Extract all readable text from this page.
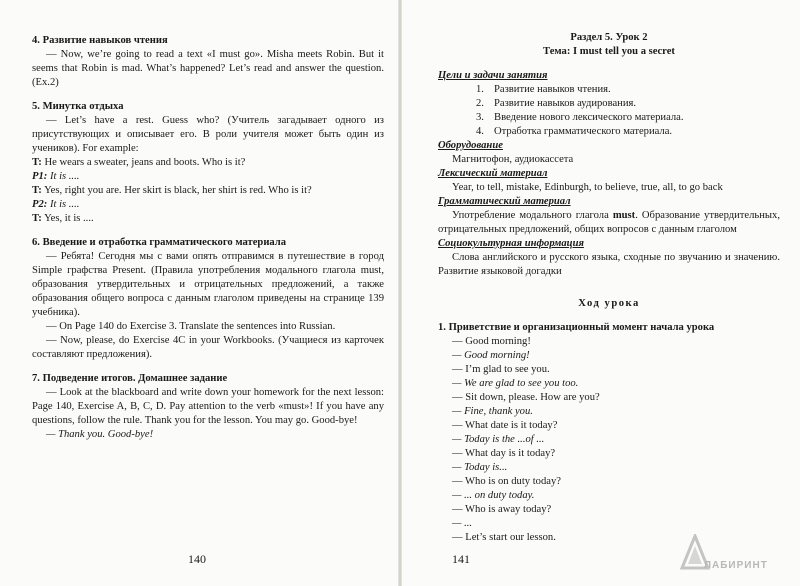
4. Развитие навыков чтения

— Now, we’re going to read a text «I must go». Misha meets Robin. But it seems that Robin is mad. What’s happened? Let’s read and answer the question. (Ex.2)

5. Минутка отдыха

— Let’s have a rest. Guess who? (Учитель загадывает одного из присутствующих и описывает его. В роли учителя может быть один из учеников). For example:

T: He wears a sweater, jeans and boots. Who is it?

P1: It is ....

T: Yes, right you are. Her skirt is black, her shirt is red. Who is it?

P2: It is ....

T: Yes, it is ....

6. Введение и отработка грамматического материала

— Ребята! Сегодня мы с вами опять отправимся в путешествие в город Simple графства Present. (Правила употребления модального глагола must, образования утвердительных и отрицательных предложений, а также образования общего вопроса с данным глаголом приведены на странице 139 учебника).

— On Page 140 do Exercise 3. Translate the sentences into Russian.

— Now, please, do Exercise 4C in your Workbooks. (Учащиеся из карточек составляют предложения).

7. Подведение итогов. Домашнее задание

— Look at the blackboard and write down your homework for the next lesson: Page 140, Exercise A, B, C, D. Pay attention to the verb «must»! If you have any questions, follow the rule. Thank you for the lesson. You may go. Good-bye!

— Thank you. Good-bye!

140

Раздел 5. Урок 2

Тема: I must tell you a secret

Цели и задачи занятия

1. Развитие навыков чтения.
2. Развитие навыков аудирования.
3. Введение нового лексического материала.
4. Отработка грамматического материала.

Оборудование

Магнитофон, аудиокассета

Лексический материал

Year, to tell, mistake, Edinburgh, to believe, true, all, to go back

Грамматический материал

Употребление модального глагола must. Образование утвердительных, отрицательных предложений, общих вопросов с данным глаголом

Социокультурная информация

Слова английского и русского языка, сходные по звучанию и значению. Развитие языковой догадки

Ход урока

1. Приветствие и организационный момент начала урока

— Good morning!

— Good morning!

— I’m glad to see you.

— We are glad to see you too.

— Sit down, please. How are you?

— Fine, thank you.

— What date is it today?

— Today is the ...of ...

— What day is it today?

— Today is...

— Who is on duty today?

— ... on duty today.

— Who is away today?

— ...

— Let’s start our lesson.

141	ЛАБИРИНТ
